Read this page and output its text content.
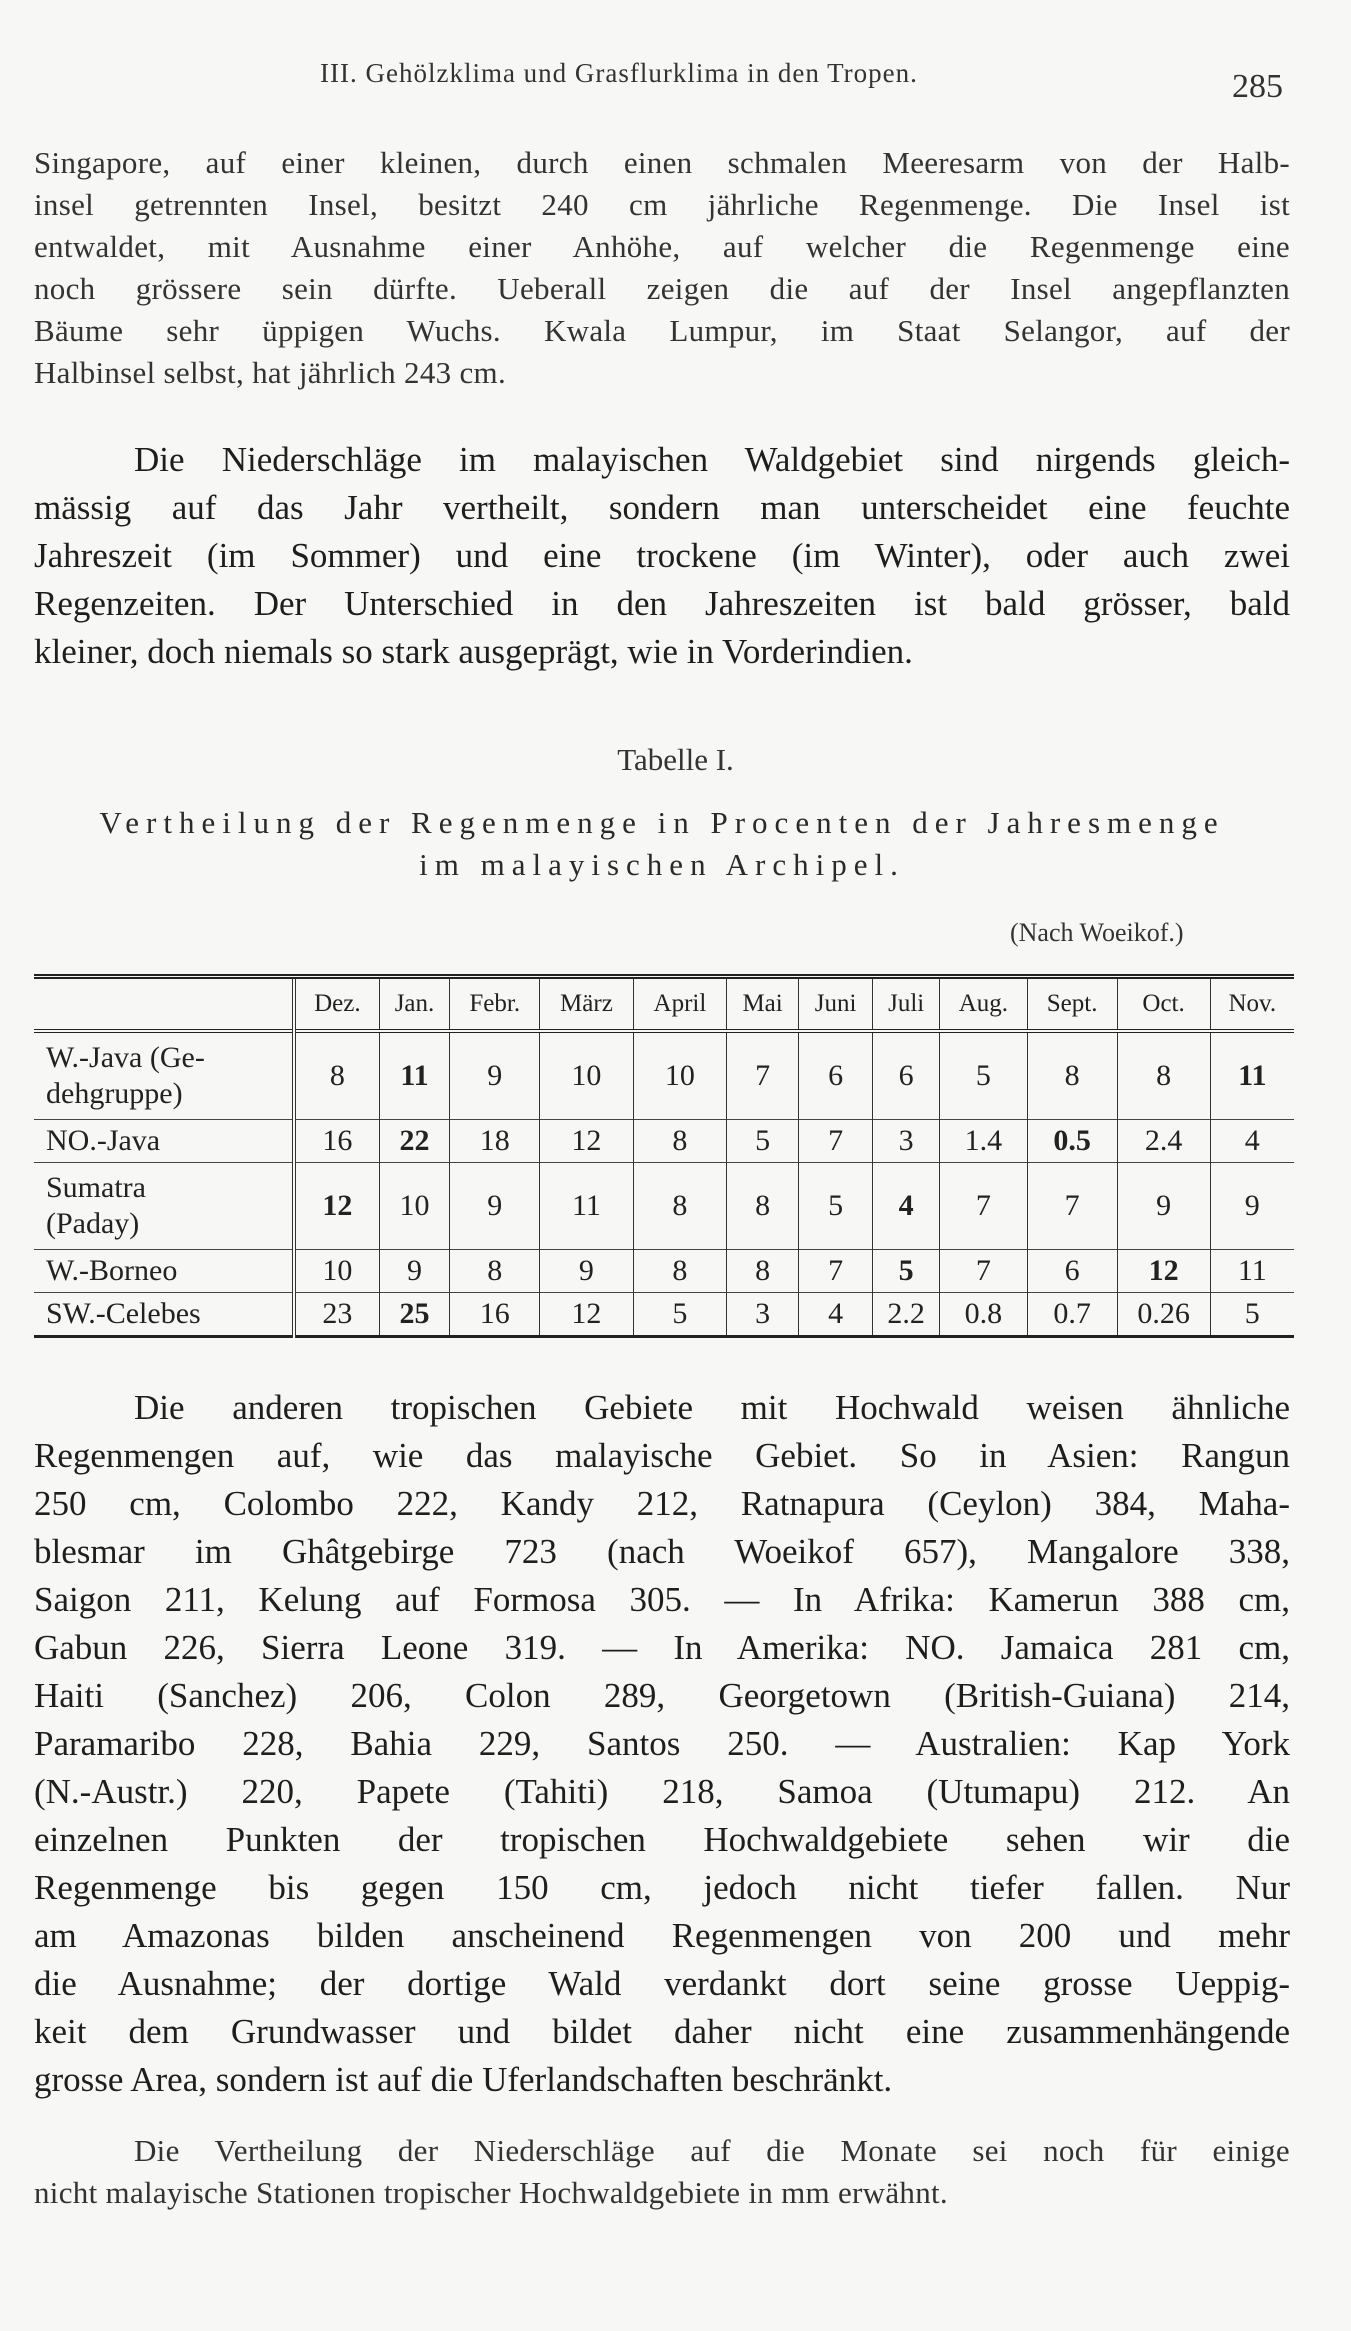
III. Gehölzklima und Grasflurklima in den Tropen.	285
Singapore, auf einer kleinen, durch einen schmalen Meeresarm von der Halb-
insel getrennten Insel, besitzt 240 cm jährliche Regenmenge. Die Insel ist
entwaldet, mit Ausnahme einer Anhöhe, auf welcher die Regenmenge eine
noch grössere sein dürfte. Ueberall zeigen die auf der Insel angepflanzten
Bäume sehr üppigen Wuchs. Kwala Lumpur, im Staat Selangor, auf der
Halbinsel selbst, hat jährlich 243 cm.
Die Niederschläge im malayischen Waldgebiet sind nirgends gleich-
mässig auf das Jahr vertheilt, sondern man unterscheidet eine feuchte
Jahreszeit (im Sommer) und eine trockene (im Winter), oder auch zwei
Regenzeiten. Der Unterschied in den Jahreszeiten ist bald grösser, bald
kleiner, doch niemals so stark ausgeprägt, wie in Vorderindien.
Tabelle I.
Vertheilung der Regenmenge in Procenten der Jahresmenge
im malayischen Archipel.
(Nach Woeikof.)
	Dez.	Jan.	Febr.	März	April	Mai	Juni	Juli	Aug.	Sept.	Oct.	Nov.

W.-Java (Ge-
dehgruppe)	8	11	9	10	10	7	6	6	5	8	8	11

NO.-Java	16	22	18	12	8	5	7	3	1.4	0.5	2.4	4

Sumatra
(Paday)	12	10	9	11	8	8	5	4	7	7	9	9

W.-Borneo	10	9	8	9	8	8	7	5	7	6	12	11

SW.-Celebes	23	25	16	12	5	3	4	2.2	0.8	0.7	0.26	5
Die anderen tropischen Gebiete mit Hochwald weisen ähnliche
Regenmengen auf, wie das malayische Gebiet. So in Asien: Rangun
250 cm, Colombo 222, Kandy 212, Ratnapura (Ceylon) 384, Maha-
blesmar im Ghâtgebirge 723 (nach Woeikof 657), Mangalore 338,
Saigon 211, Kelung auf Formosa 305. — In Afrika: Kamerun 388 cm,
Gabun 226, Sierra Leone 319. — In Amerika: NO. Jamaica 281 cm,
Haiti (Sanchez) 206, Colon 289, Georgetown (British-Guiana) 214,
Paramaribo 228, Bahia 229, Santos 250. — Australien: Kap York
(N.-Austr.) 220, Papete (Tahiti) 218, Samoa (Utumapu) 212. An
einzelnen Punkten der tropischen Hochwaldgebiete sehen wir die
Regenmenge bis gegen 150 cm, jedoch nicht tiefer fallen. Nur
am Amazonas bilden anscheinend Regenmengen von 200 und mehr
die Ausnahme; der dortige Wald verdankt dort seine grosse Ueppig-
keit dem Grundwasser und bildet daher nicht eine zusammenhängende
grosse Area, sondern ist auf die Uferlandschaften beschränkt.
Die Vertheilung der Niederschläge auf die Monate sei noch für einige
nicht malayische Stationen tropischer Hochwaldgebiete in mm erwähnt.
